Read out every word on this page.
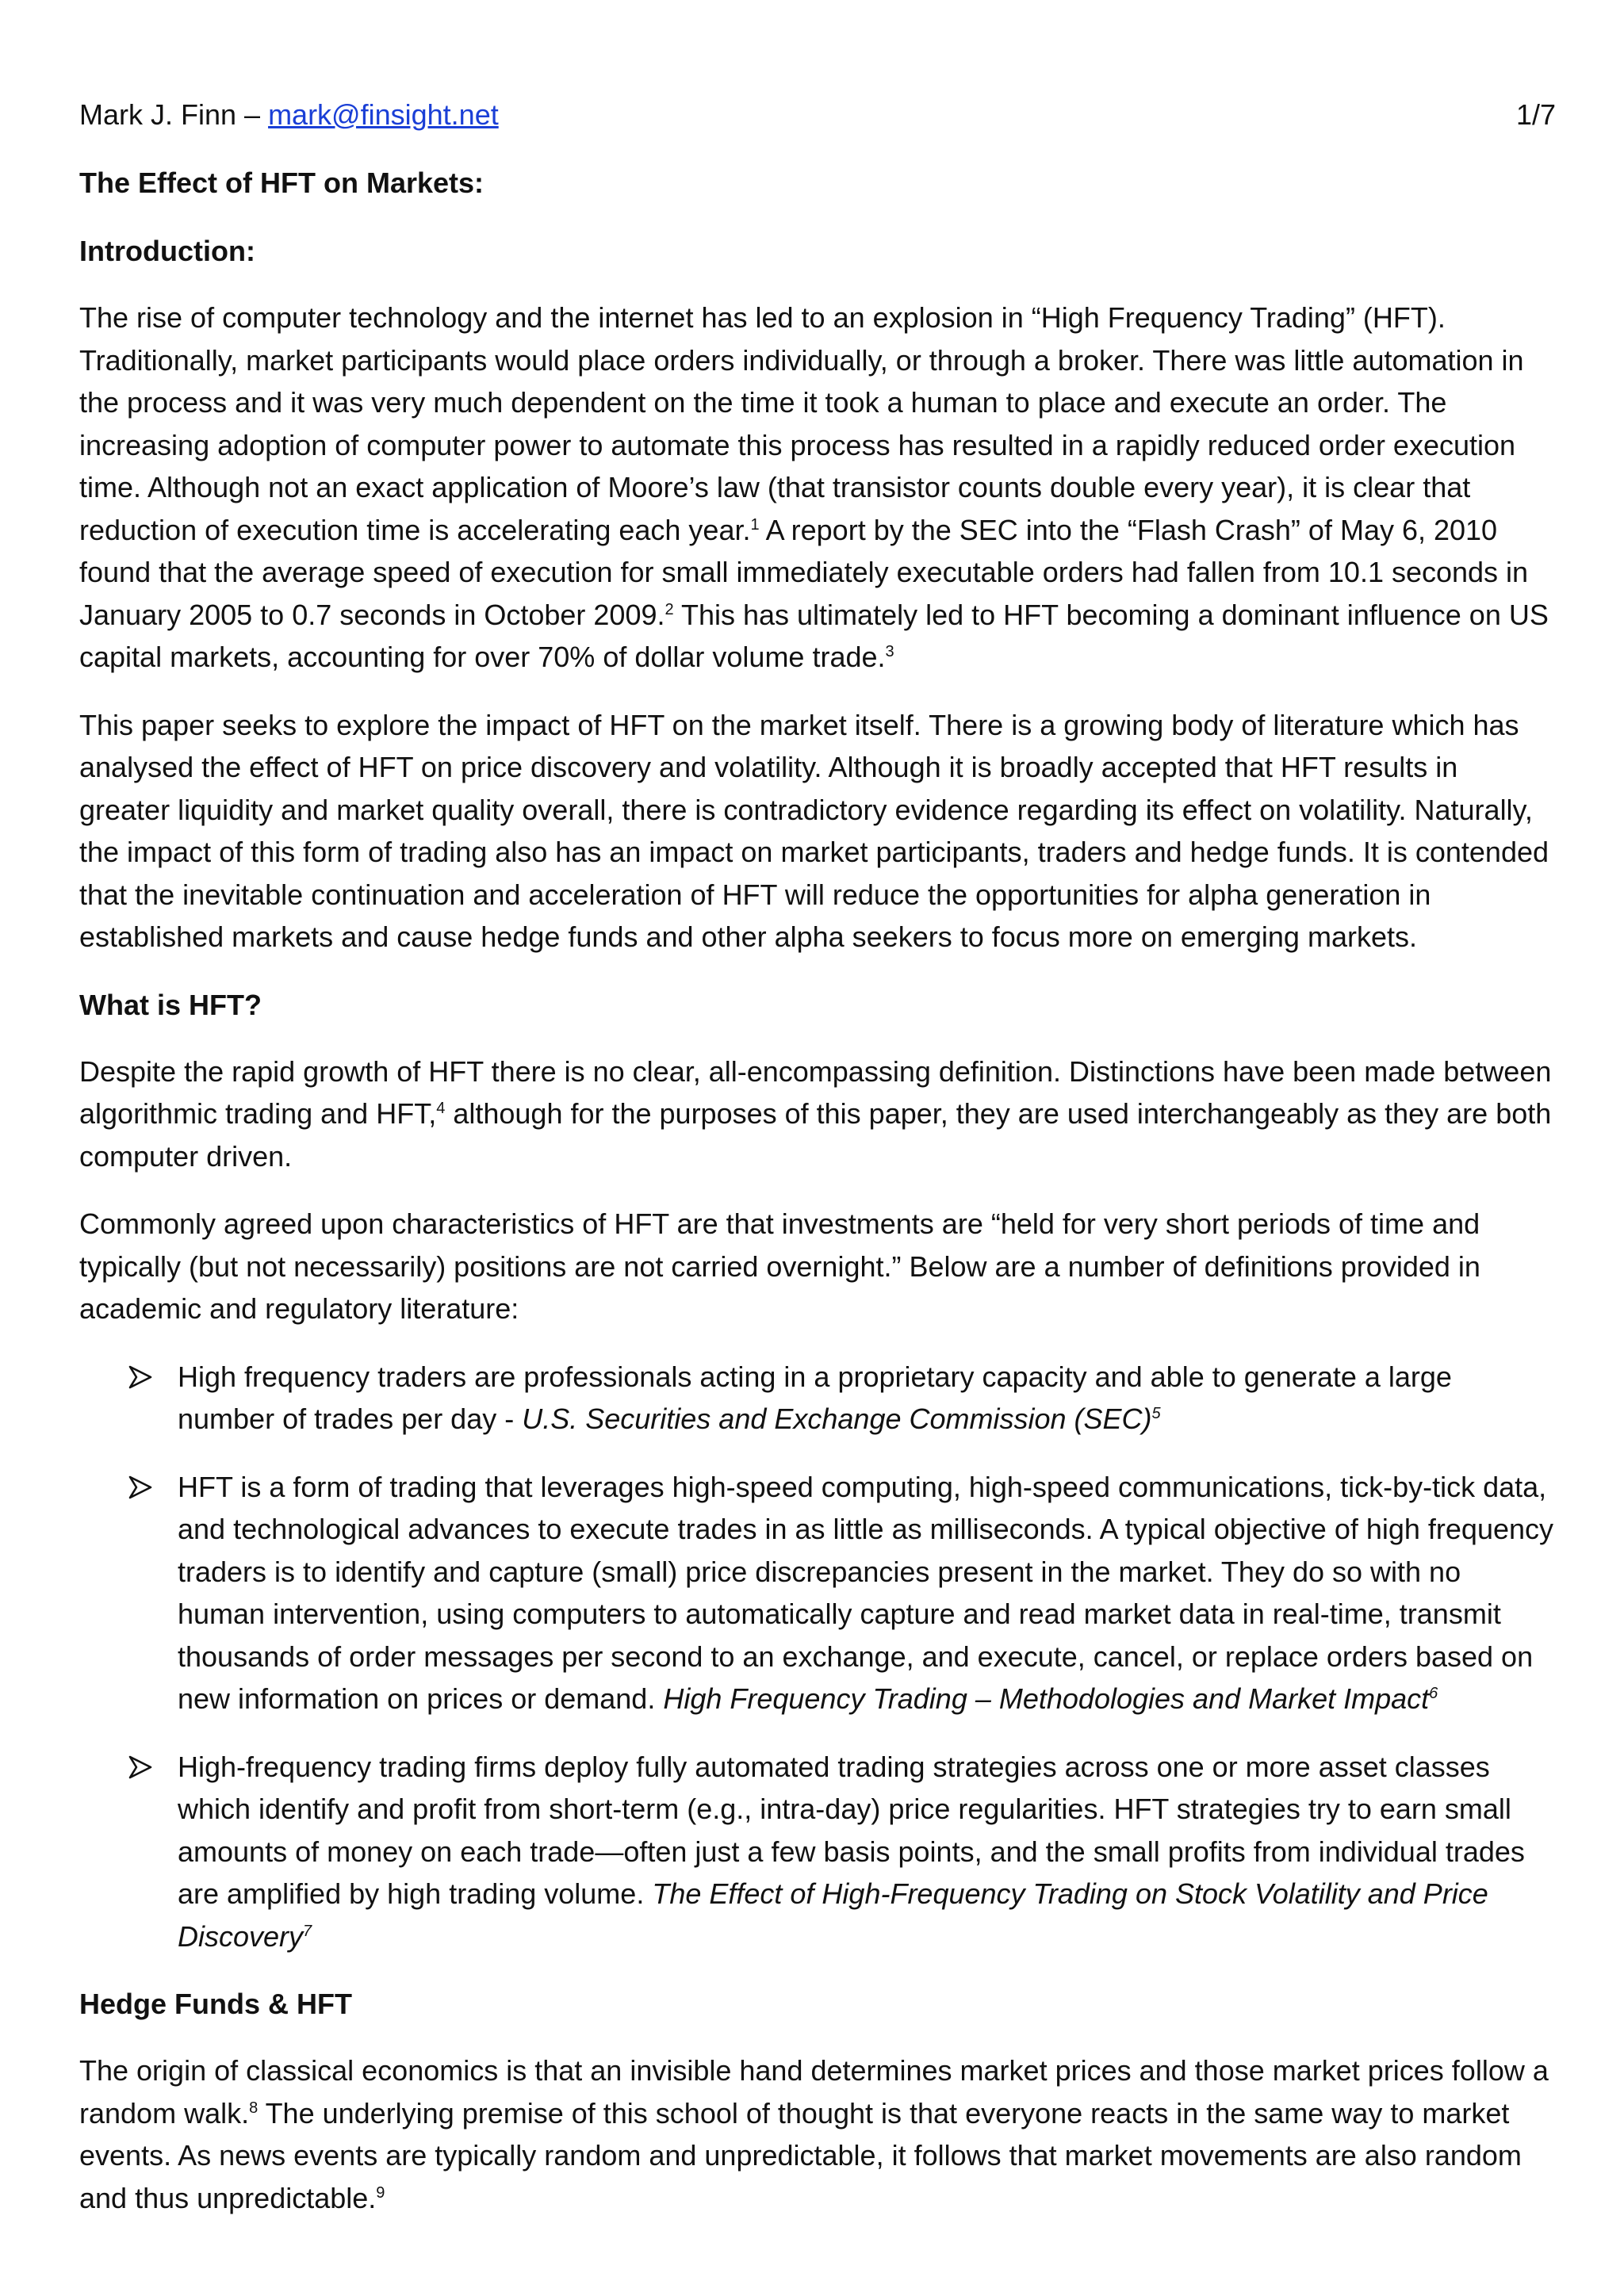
Mark J. Finn – mark@finsight.net	1/7
The Effect of HFT on Markets:
Introduction:

The rise of computer technology and the internet has led to an explosion in “High Frequency Trading” (HFT). Traditionally, market participants would place orders individually, or through a broker. There was little automation in the process and it was very much dependent on the time it took a human to place and execute an order. The increasing adoption of computer power to automate this process has resulted in a rapidly reduced order execution time. Although not an exact application of Moore’s law (that transistor counts double every year), it is clear that reduction of execution time is accelerating each year.$^1$ A report by the SEC into the “Flash Crash” of May 6, 2010 found that the average speed of execution for small immediately executable orders had fallen from 10.1 seconds in January 2005 to 0.7 seconds in October 2009.$^2$ This has ultimately led to HFT becoming a dominant influence on US capital markets, accounting for over 70% of dollar volume trade.$^3$

This paper seeks to explore the impact of HFT on the market itself. There is a growing body of literature which has analysed the effect of HFT on price discovery and volatility. Although it is broadly accepted that HFT results in greater liquidity and market quality overall, there is contradictory evidence regarding its effect on volatility. Naturally, the impact of this form of trading also has an impact on market participants, traders and hedge funds. It is contended that the inevitable continuation and acceleration of HFT will reduce the opportunities for alpha generation in established markets and cause hedge funds and other alpha seekers to focus more on emerging markets.

What is HFT?

Despite the rapid growth of HFT there is no clear, all-encompassing definition. Distinctions have been made between algorithmic trading and HFT,$^4$ although for the purposes of this paper, they are used interchangeably as they are both computer driven.

Commonly agreed upon characteristics of HFT are that investments are “held for very short periods of time and typically (but not necessarily) positions are not carried overnight.” Below are a number of definitions provided in academic and regulatory literature:

High frequency traders are professionals acting in a proprietary capacity and able to generate a large number of trades per day - U.S. Securities and Exchange Commission (SEC)$^5$
HFT is a form of trading that leverages high-speed computing, high-speed communications, tick-by-tick data, and technological advances to execute trades in as little as milliseconds. A typical objective of high frequency traders is to identify and capture (small) price discrepancies present in the market. They do so with no human intervention, using computers to automatically capture and read market data in real-time, transmit thousands of order messages per second to an exchange, and execute, cancel, or replace orders based on new information on prices or demand. High Frequency Trading – Methodologies and Market Impact$^6$
High-frequency trading firms deploy fully automated trading strategies across one or more asset classes which identify and profit from short-term (e.g., intra-day) price regularities. HFT strategies try to earn small amounts of money on each trade—often just a few basis points, and the small profits from individual trades are amplified by high trading volume. The Effect of High-Frequency Trading on Stock Volatility and Price Discovery$^7$
Hedge Funds & HFT

The origin of classical economics is that an invisible hand determines market prices and those market prices follow a random walk.$^8$ The underlying premise of this school of thought is that everyone reacts in the same way to market events. As news events are typically random and unpredictable, it follows that market movements are also random and thus unpredictable.$^9$
